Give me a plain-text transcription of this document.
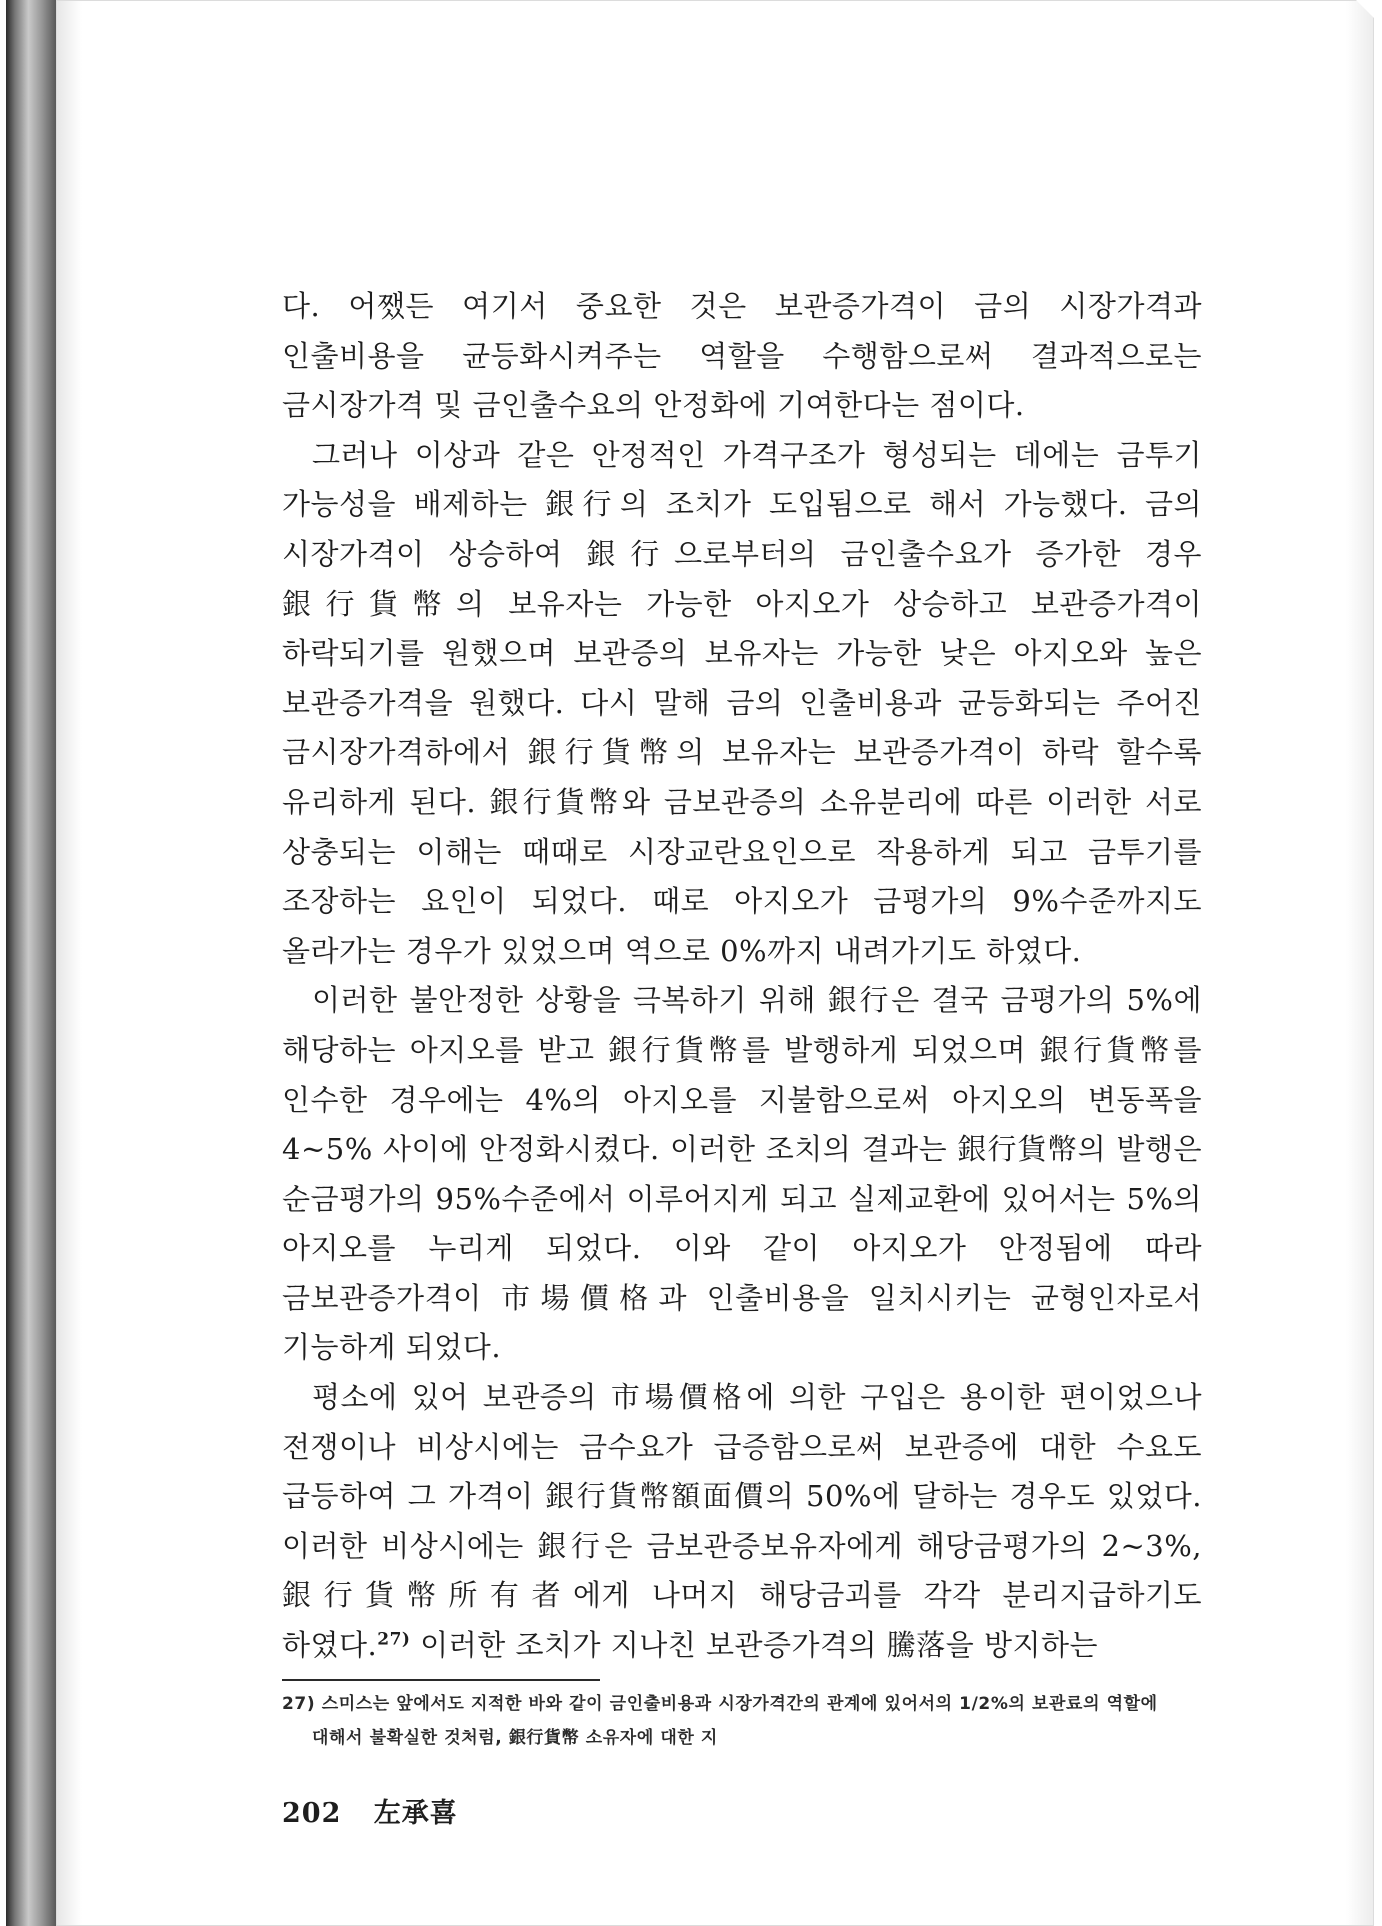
다. 어쨌든 여기서 중요한 것은 보관증가격이 금의 시장가격과 인출비용을 균등화시켜주는 역할을 수행함으로써 결과적으로는 금시장가격 및 금인출수요의 안정화에 기여한다는 점이다.

그러나 이상과 같은 안정적인 가격구조가 형성되는 데에는 금투기 가능성을 배제하는 銀行의 조치가 도입됨으로 해서 가능했다. 금의 시장가격이 상승하여 銀行으로부터의 금인출수요가 증가한 경우 銀行貨幣의 보유자는 가능한 아지오가 상승하고 보관증가격이 하락되기를 원했으며 보관증의 보유자는 가능한 낮은 아지오와 높은 보관증가격을 원했다. 다시 말해 금의 인출비용과 균등화되는 주어진 금시장가격하에서 銀行貨幣의 보유자는 보관증가격이 하락 할수록 유리하게 된다. 銀行貨幣와 금보관증의 소유분리에 따른 이러한 서로 상충되는 이해는 때때로 시장교란요인으로 작용하게 되고 금투기를 조장하는 요인이 되었다. 때로 아지오가 금평가의 9%수준까지도 올라가는 경우가 있었으며 역으로 0%까지 내려가기도 하였다.

이러한 불안정한 상황을 극복하기 위해 銀行은 결국 금평가의 5%에 해당하는 아지오를 받고 銀行貨幣를 발행하게 되었으며 銀行貨幣를 인수한 경우에는 4%의 아지오를 지불함으로써 아지오의 변동폭을 4~5% 사이에 안정화시켰다. 이러한 조치의 결과는 銀行貨幣의 발행은 순금평가의 95%수준에서 이루어지게 되고 실제교환에 있어서는 5%의 아지오를 누리게 되었다. 이와 같이 아지오가 안정됨에 따라 금보관증가격이 市場價格과 인출비용을 일치시키는 균형인자로서 기능하게 되었다.

평소에 있어 보관증의 市場價格에 의한 구입은 용이한 편이었으나 전쟁이나 비상시에는 금수요가 급증함으로써 보관증에 대한 수요도 급등하여 그 가격이 銀行貨幣額面價의 50%에 달하는 경우도 있었다. 이러한 비상시에는 銀行은 금보관증보유자에게 해당금평가의 2~3%, 銀行貨幣所有者에게 나머지 해당금괴를 각각 분리지급하기도 하였다.$^{27)}$ 이러한 조치가 지나친 보관증가격의 騰落을 방지하는

27) 스미스는 앞에서도 지적한 바와 같이 금인출비용과 시장가격간의 관계에 있어서의 1/2%의 보관료의 역할에 대해서 불확실한 것처럼, 銀行貨幣 소유자에 대한 지
202 左承喜
